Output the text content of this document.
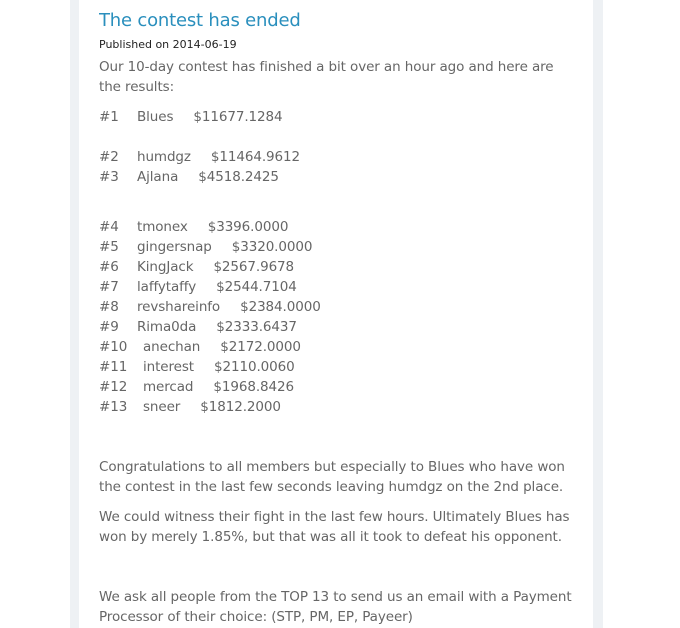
The contest has ended
Published on 2014-06-19
Our 10-day contest has finished a bit over an hour ago and here are the results:
#1 Blues $11677.1284
#2 humdgz $11464.9612
#3 Ajlana $4518.2425
#4 tmonex $3396.0000
#5 gingersnap $3320.0000
#6 KingJack $2567.9678
#7 laffytaffy $2544.7104
#8 revshareinfo $2384.0000
#9 Rima0da $2333.6437
#10 anechan $2172.0000
#11 interest $2110.0060
#12 mercad $1968.8426
#13 sneer $1812.2000
Congratulations to all members but especially to Blues who have won the contest in the last few seconds leaving humdgz on the 2nd place.
We could witness their fight in the last few hours. Ultimately Blues has won by merely 1.85%, but that was all it took to defeat his opponent.
We ask all people from the TOP 13 to send us an email with a Payment Processor of their choice: (STP, PM, EP, Payeer)
